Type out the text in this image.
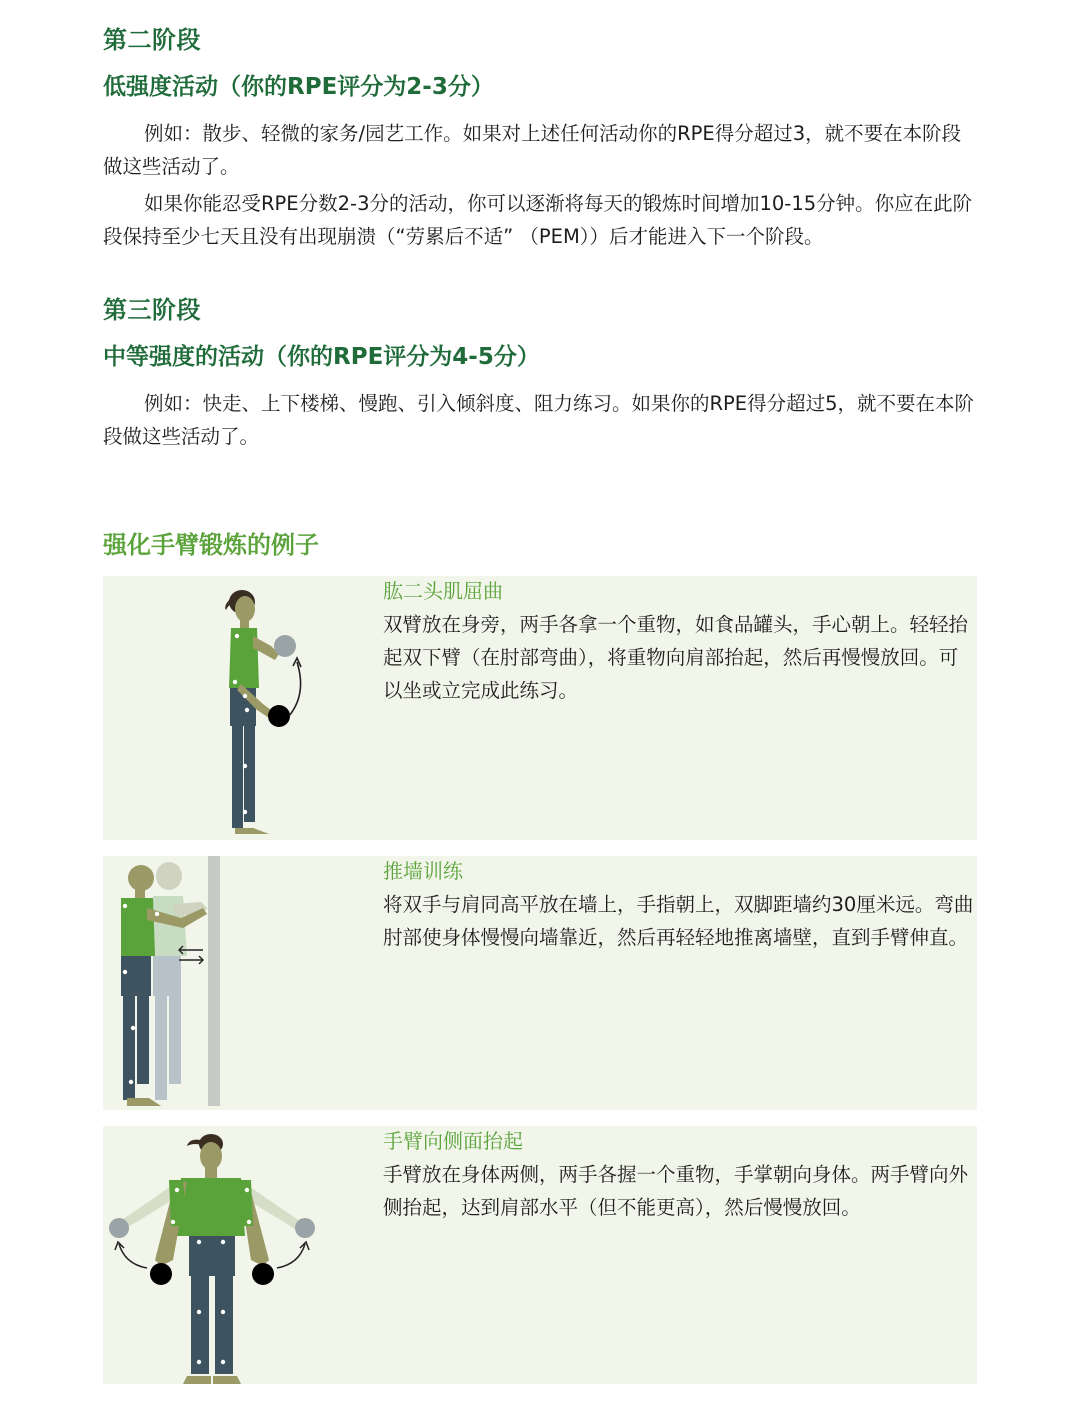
第二阶段
低强度活动（你的RPE评分为2-3分）
例如：散步、轻微的家务/园艺工作。如果对上述任何活动你的RPE得分超过3，就不要在本阶段做这些活动了。
如果你能忍受RPE分数2-3分的活动，你可以逐渐将每天的锻炼时间增加10-15分钟。你应在此阶段保持至少七天且没有出现崩溃（“劳累后不适” （PEM））后才能进入下一个阶段。
第三阶段
中等强度的活动（你的RPE评分为4-5分）
例如：快走、上下楼梯、慢跑、引入倾斜度、阻力练习。如果你的RPE得分超过5，就不要在本阶段做这些活动了。
强化手臂锻炼的例子
肱二头肌屈曲
双臂放在身旁，两手各拿一个重物，如食品罐头，手心朝上。轻轻抬起双下臂（在肘部弯曲），将重物向肩部抬起，然后再慢慢放回。可以坐或立完成此练习。
推墙训练
将双手与肩同高平放在墙上，手指朝上，双脚距墙约30厘米远。弯曲肘部使身体慢慢向墙靠近，然后再轻轻地推离墙壁，直到手臂伸直。
手臂向侧面抬起
手臂放在身体两侧，两手各握一个重物，手掌朝向身体。两手臂向外侧抬起，达到肩部水平（但不能更高），然后慢慢放回。
